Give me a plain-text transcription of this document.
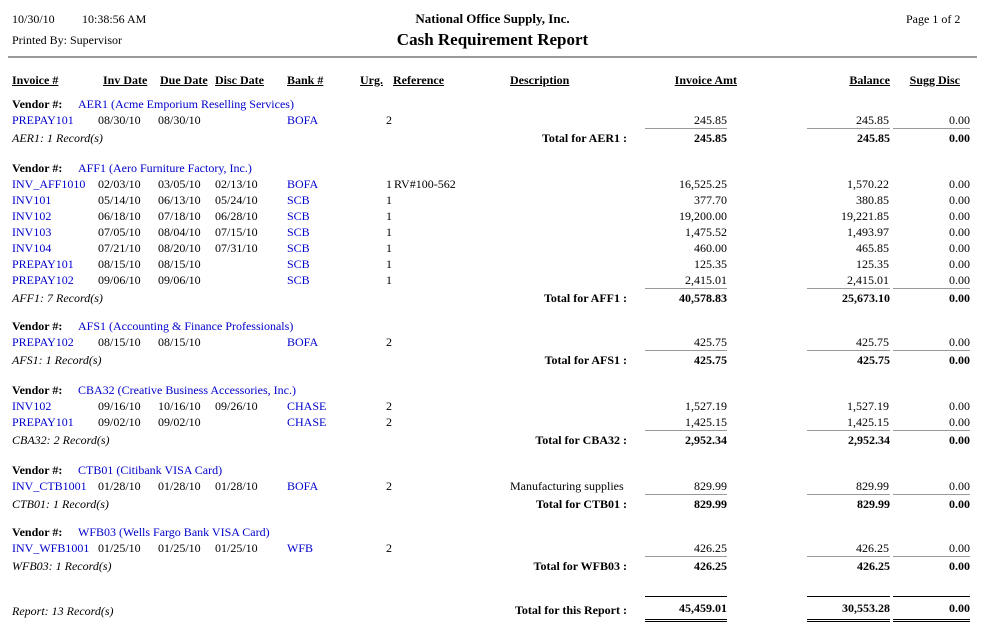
10/30/10 10:38:56 AM
Printed By: Supervisor
National Office Supply, Inc.
Cash Requirement Report
Page 1 of 2
Invoice #	Inv Date Due Date Disc Date Bank #	Urg. Reference	Description	Invoice Amt	Balance	Sugg Disc
Vendor #: AER1 (Acme Emporium Reselling Services)
PREPAY101 08/30/10 08/30/10	BOFA	2	245.85	245.85	0.00
AER1: 1 Record(s)	Total for AER1 :	245.85	245.85	0.00
Vendor #: AFF1 (Aero Furniture Factory, Inc.)
INV_AFF1010 02/03/10 03/05/10 02/13/10 BOFA	1 RV#100-562	16,525.25	1,570.22	0.00
INV101	05/14/10 06/13/10 05/24/10 SCB	1	377.70	380.85	0.00
INV102	06/18/10 07/18/10 06/28/10 SCB	1	19,200.00	19,221.85	0.00
INV103	07/05/10 08/04/10 07/15/10 SCB	1	1,475.52	1,493.97	0.00
INV104	07/21/10 08/20/10 07/31/10 SCB	1	460.00	465.85	0.00
PREPAY101 08/15/10 08/15/10	SCB	1	125.35	125.35	0.00
PREPAY102 09/06/10 09/06/10	SCB	1	2,415.01	2,415.01	0.00
AFF1: 7 Record(s)	Total for AFF1 :	40,578.83	25,673.10	0.00
Vendor #: AFS1 (Accounting & Finance Professionals)
PREPAY102 08/15/10 08/15/10	BOFA	2	425.75	425.75	0.00
AFS1: 1 Record(s)	Total for AFS1 :	425.75	425.75	0.00
Vendor #: CBA32 (Creative Business Accessories, Inc.)
INV102	09/16/10 10/16/10 09/26/10 CHASE	2	1,527.19	1,527.19	0.00
PREPAY101 09/02/10 09/02/10	CHASE	2	1,425.15	1,425.15	0.00
CBA32: 2 Record(s)	Total for CBA32 :	2,952.34	2,952.34	0.00
Vendor #: CTB01 (Citibank VISA Card)
INV_CTB1001 01/28/10 01/28/10 01/28/10 BOFA	2	Manufacturing supplies	829.99	829.99	0.00
CTB01: 1 Record(s)	Total for CTB01 :	829.99	829.99	0.00
Vendor #: WFB03 (Wells Fargo Bank VISA Card)
INV_WFB1001 01/25/10 01/25/10 01/25/10 WFB	2	426.25	426.25	0.00
WFB03: 1 Record(s)	Total for WFB03 :	426.25	426.25	0.00
Report: 13 Record(s)	Total for this Report :	45,459.01	30,553.28	0.00
